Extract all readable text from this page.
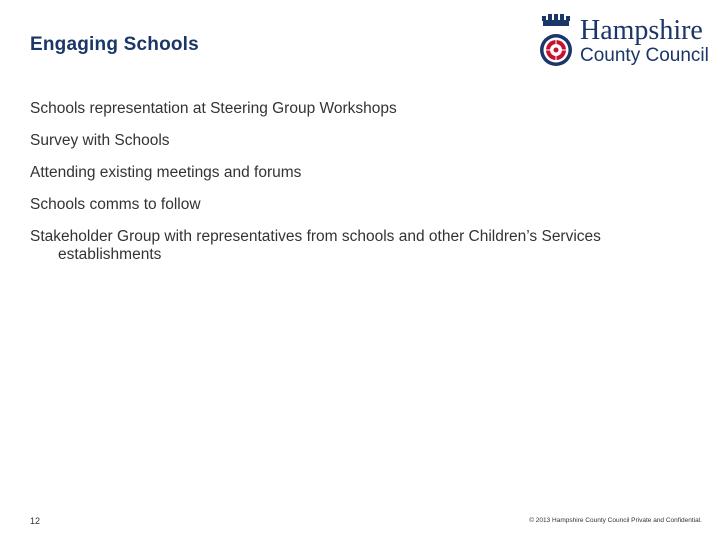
Engaging Schools	Hampshire
County Council
Schools representation at Steering Group Workshops
Survey with Schools
Attending existing meetings and forums
Schools comms to follow
Stakeholder Group with representatives from schools and other Children’s Services establishments
12	© 2013 Hampshire County Council Private and Confidential.
